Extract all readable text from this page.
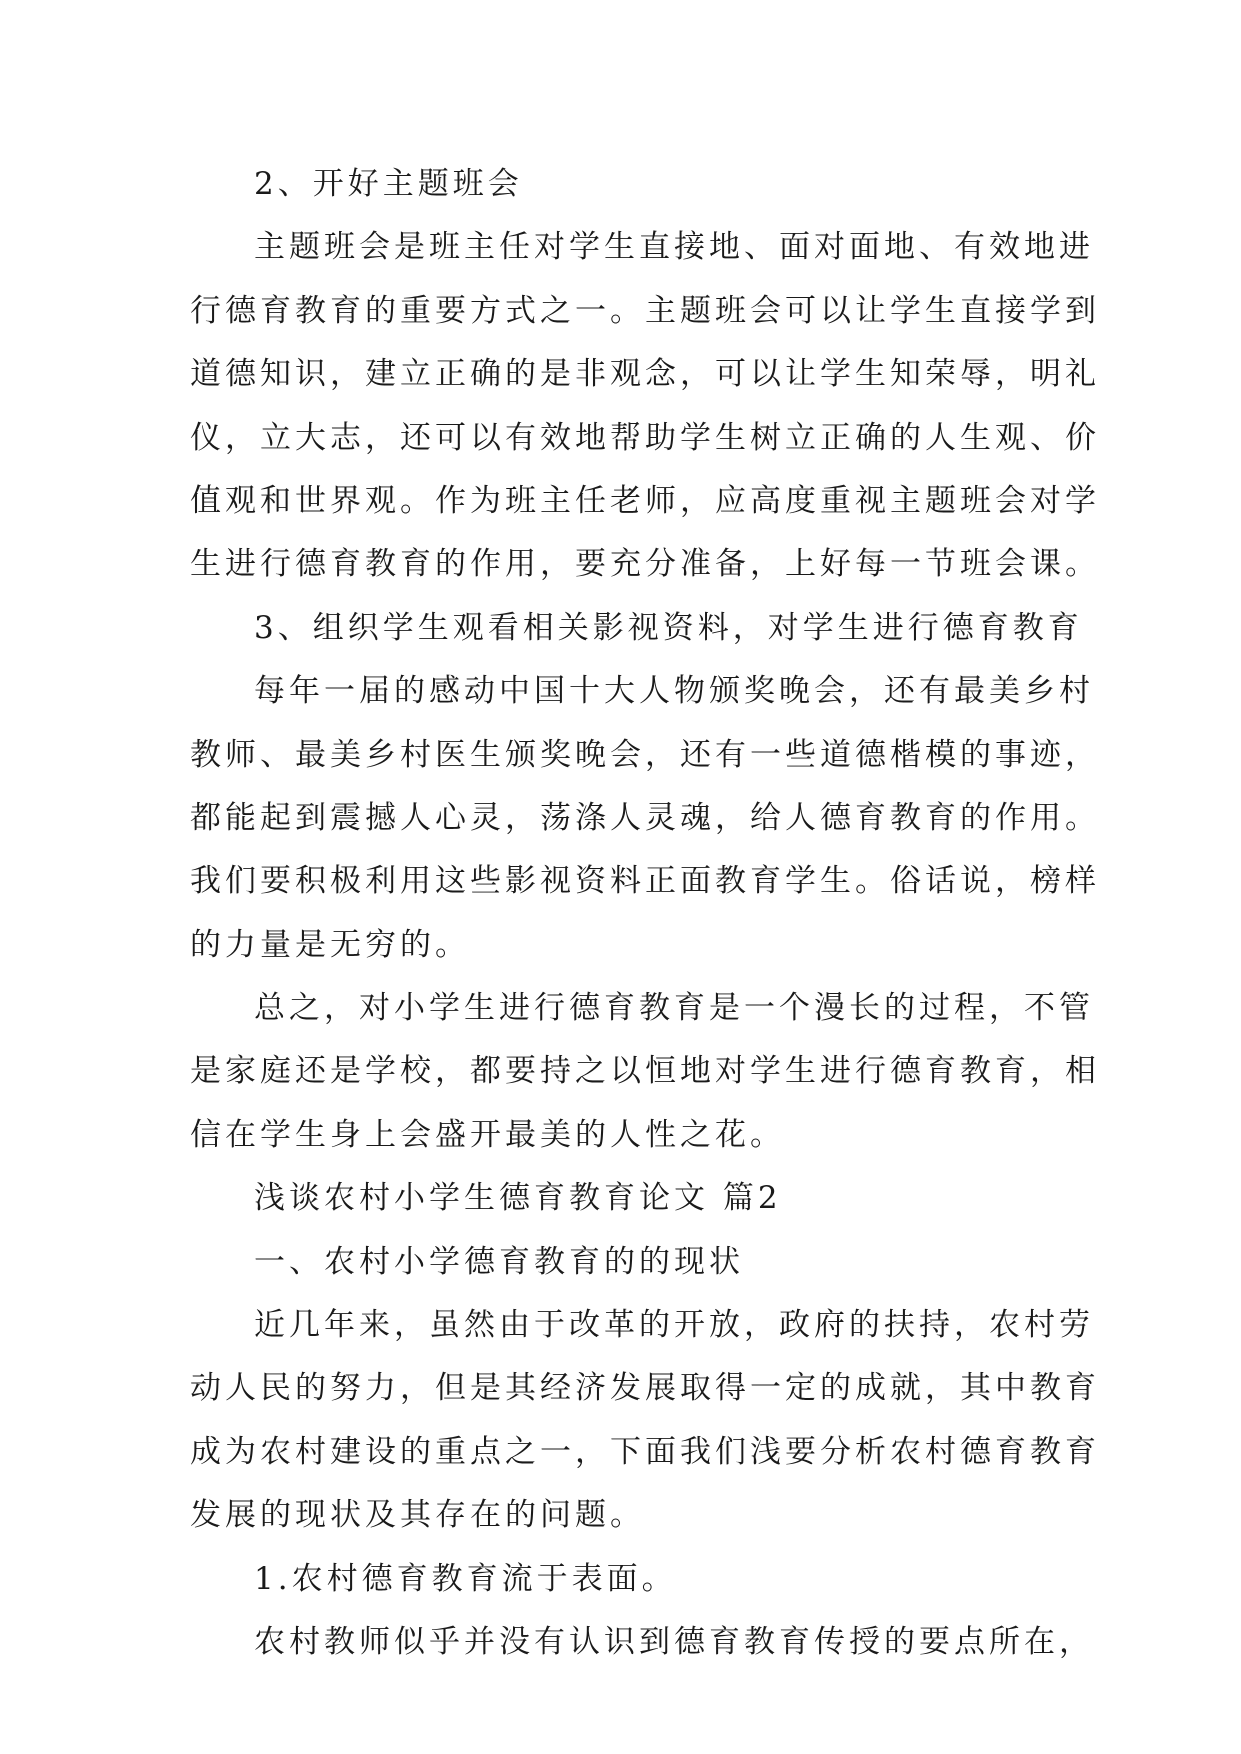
2、开好主题班会
主题班会是班主任对学生直接地、面对面地、有效地进
行德育教育的重要方式之一。主题班会可以让学生直接学到
道德知识，建立正确的是非观念，可以让学生知荣辱，明礼
仪，立大志，还可以有效地帮助学生树立正确的人生观、价
值观和世界观。作为班主任老师，应高度重视主题班会对学
生进行德育教育的作用，要充分准备，上好每一节班会课。
3、组织学生观看相关影视资料，对学生进行德育教育
每年一届的感动中国十大人物颁奖晚会，还有最美乡村
教师、最美乡村医生颁奖晚会，还有一些道德楷模的事迹，
都能起到震撼人心灵，荡涤人灵魂，给人德育教育的作用。
我们要积极利用这些影视资料正面教育学生。俗话说，榜样
的力量是无穷的。
总之，对小学生进行德育教育是一个漫长的过程，不管
是家庭还是学校，都要持之以恒地对学生进行德育教育，相
信在学生身上会盛开最美的人性之花。
浅谈农村小学生德育教育论文 篇2
一、农村小学德育教育的的现状
近几年来，虽然由于改革的开放，政府的扶持，农村劳
动人民的努力，但是其经济发展取得一定的成就，其中教育
成为农村建设的重点之一，下面我们浅要分析农村德育教育
发展的现状及其存在的问题。
1.农村德育教育流于表面。
农村教师似乎并没有认识到德育教育传授的要点所在，
